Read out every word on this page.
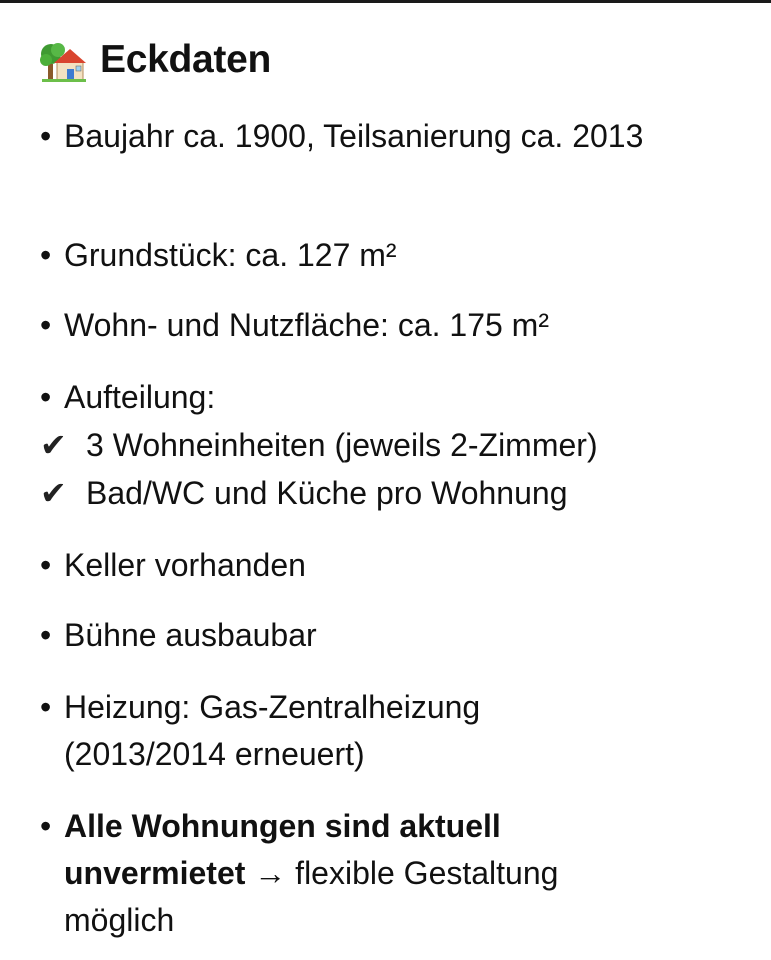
Eckdaten
• Baujahr ca. 1900, Teilsanierung ca. 2013
• Grundstück: ca. 127 m²
• Wohn- und Nutzfläche: ca. 175 m²
• Aufteilung:
✔ 3 Wohneinheiten (jeweils 2-Zimmer)
✔ Bad/WC und Küche pro Wohnung
• Keller vorhanden
• Bühne ausbaubar
• Heizung: Gas-Zentralheizung (2013/2014 erneuert)
• Alle Wohnungen sind aktuell unvermietet → flexible Gestaltung möglich
